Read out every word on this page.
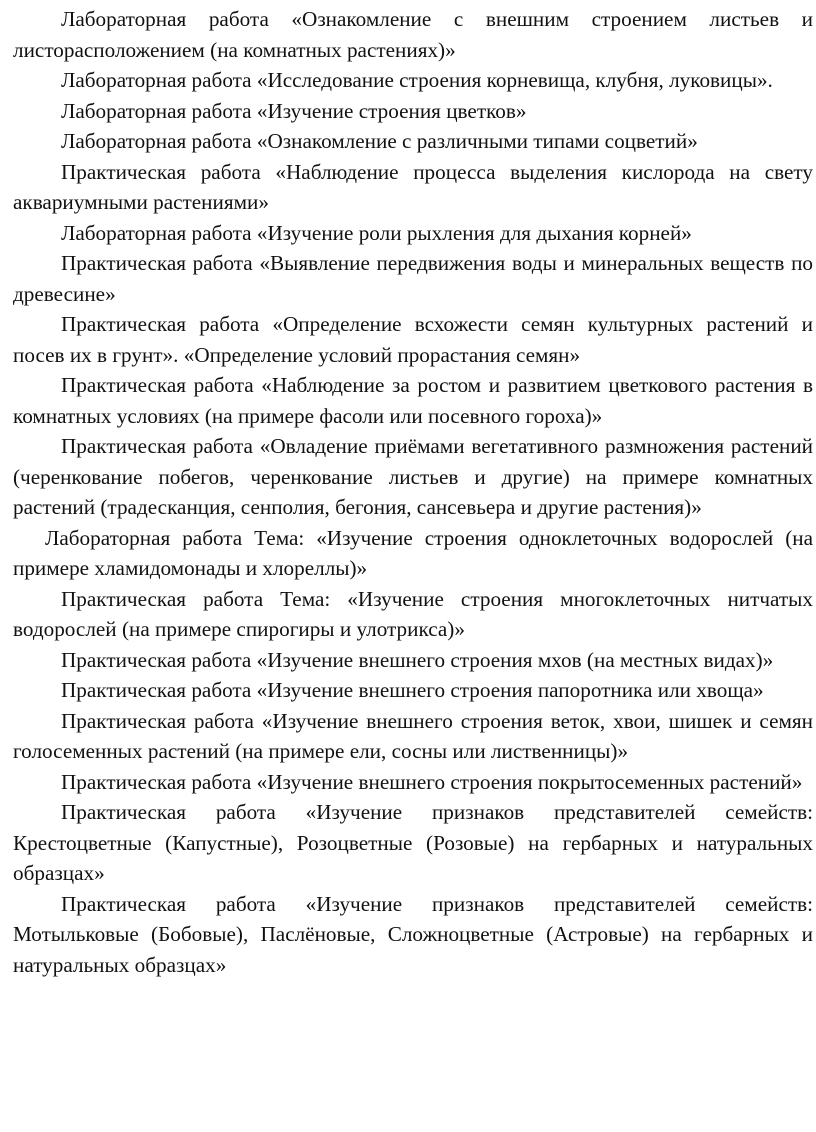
Лабораторная работа «Ознакомление с внешним строением листьев и листорасположением (на комнатных растениях)»

Лабораторная работа «Исследование строения корневища, клубня, луковицы».

Лабораторная работа «Изучение строения цветков»

Лабораторная работа «Ознакомление с различными типами соцветий»

Практическая работа «Наблюдение процесса выделения кислорода на свету аквариумными растениями»

Лабораторная работа «Изучение роли рыхления для дыхания корней»

Практическая работа «Выявление передвижения воды и минеральных веществ по древесине»

Практическая работа «Определение всхожести семян культурных растений и посев их в грунт». «Определение условий прорастания семян»

Практическая работа «Наблюдение за ростом и развитием цветкового растения в комнатных условиях (на примере фасоли или посевного гороха)»

Практическая работа «Овладение приёмами вегетативного размножения растений (черенкование побегов, черенкование листьев и другие) на примере комнатных растений (традесканция, сенполия, бегония, сансевьера и другие растения)»

Лабораторная работа Тема: «Изучение строения одноклеточных водорослей (на примере хламидомонады и хлореллы)»

Практическая работа Тема: «Изучение строения многоклеточных нитчатых водорослей (на примере спирогиры и улотрикса)»

Практическая работа «Изучение внешнего строения мхов (на местных видах)»

Практическая работа «Изучение внешнего строения папоротника или хвоща»

Практическая работа «Изучение внешнего строения веток, хвои, шишек и семян голосеменных растений (на примере ели, сосны или лиственницы)»

Практическая работа «Изучение внешнего строения покрытосеменных растений»

Практическая работа «Изучение признаков представителей семейств: Крестоцветные (Капустные), Розоцветные (Розовые) на гербарных и натуральных образцах»

Практическая работа «Изучение признаков представителей семейств: Мотыльковые (Бобовые), Паслёновые, Сложноцветные (Астровые) на гербарных и натуральных образцах»
